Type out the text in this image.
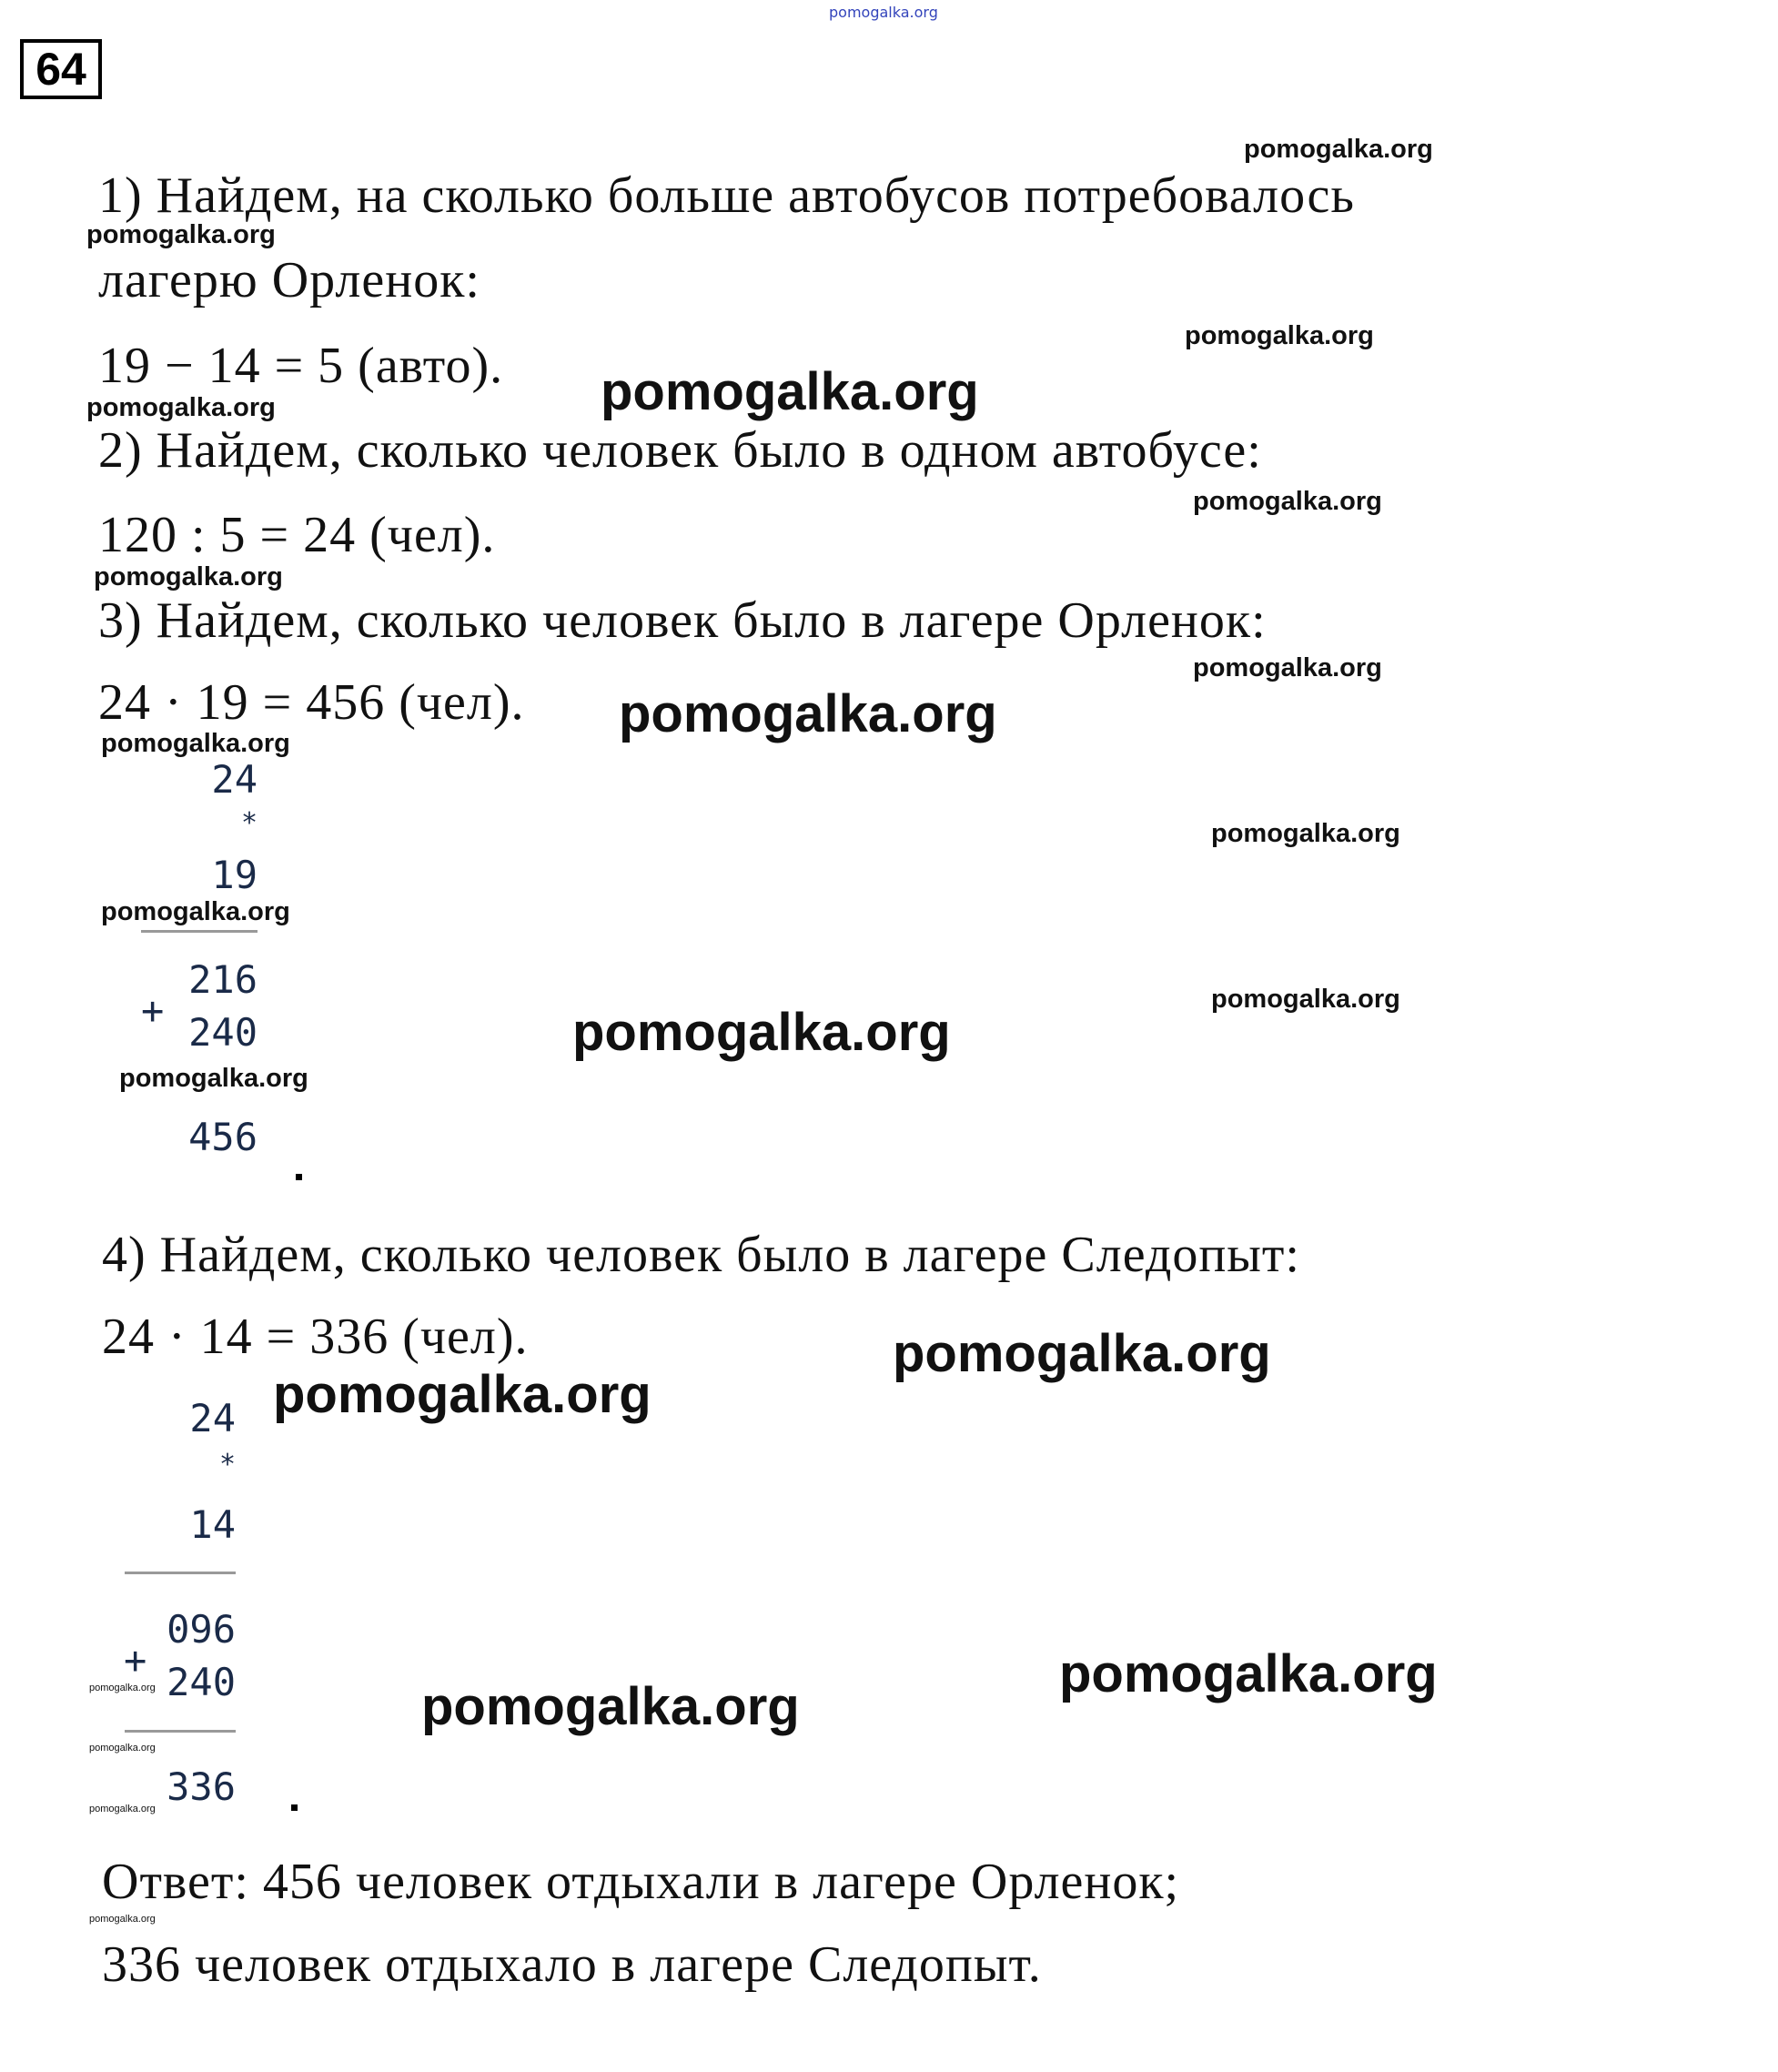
pomogalka.org
64
1) Найдем, на сколько больше автобусов потребовалось
лагерю Орленок:
19 − 14 = 5 (авто).
2) Найдем, сколько человек было в одном автобусе:
120 : 5 = 24 (чел).
3) Найдем, сколько человек было в лагере Орленок:
24 · 19 = 456 (чел).
24
*
19
216
+ 240
456
4) Найдем, сколько человек было в лагере Следопыт:
24 · 14 = 336 (чел).
24
*
14
096
+ 240
336
Ответ: 456 человек отдыхали в лагере Орленок;
336 человек отдыхало в лагере Следопыт.
pomogalka.org
pomogalka.org
pomogalka.org
pomogalka.org
pomogalka.org
pomogalka.org
pomogalka.org
pomogalka.org
pomogalka.org
pomogalka.org
pomogalka.org
pomogalka.org
pomogalka.org
pomogalka.org
pomogalka.org
pomogalka.org
pomogalka.org
pomogalka.org
pomogalka.org
pomogalka.org
pomogalka.org
pomogalka.org
pomogalka.org
